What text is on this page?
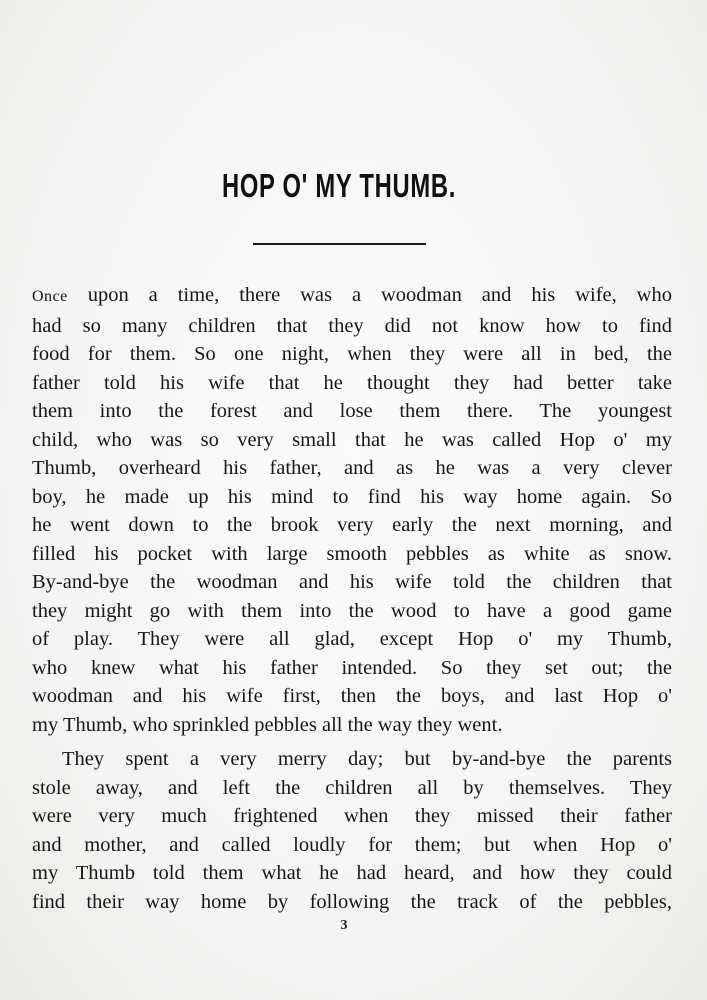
HOP O' MY THUMB.
Once upon a time, there was a woodman and his wife, who
had so many children that they did not know how to find
food for them. So one night, when they were all in bed, the
father told his wife that he thought they had better take
them into the forest and lose them there. The youngest
child, who was so very small that he was called Hop o' my
Thumb, overheard his father, and as he was a very clever
boy, he made up his mind to find his way home again. So
he went down to the brook very early the next morning, and
filled his pocket with large smooth pebbles as white as snow.
By-and-bye the woodman and his wife told the children that
they might go with them into the wood to have a good game
of play. They were all glad, except Hop o' my Thumb,
who knew what his father intended. So they set out; the
woodman and his wife first, then the boys, and last Hop o'
my Thumb, who sprinkled pebbles all the way they went.
They spent a very merry day; but by-and-bye the parents
stole away, and left the children all by themselves. They
were very much frightened when they missed their father
and mother, and called loudly for them; but when Hop o'
my Thumb told them what he had heard, and how they could
find their way home by following the track of the pebbles,
3
